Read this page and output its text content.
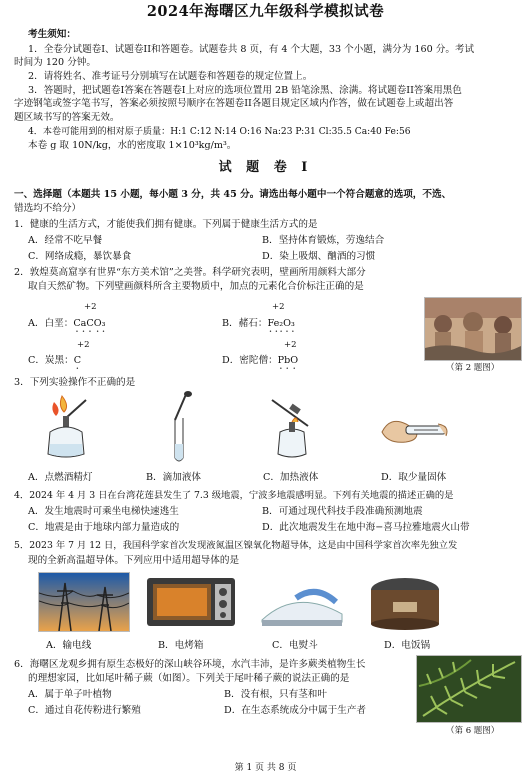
2024年海曙区九年级科学模拟试卷
考生须知：
1．全卷分试题卷I、试题卷II和答题卷。试题卷共 8 页，有 4 个大题，33 个小题，满分为 160 分。考试
时间为 120 分钟。
2．请将姓名、准考证号分别填写在试题卷和答题卷的规定位置上。
3．答题时，把试题卷I答案在答题卷I上对应的选项位置用 2B 铅笔涂黑、涂满。将试题卷II答案用黑色
字迹钢笔或签字笔书写，答案必须按照号顺序在答题卷II各题目规定区域内作答，做在试题卷上或超出答
题区域书写的答案无效。
4．本卷可能用到的相对原子质量：H:1 C:12 N:14 O:16 Na:23 P:31 Cl:35.5 Ca:40 Fe:56
本卷 g 取 10N/kg，水的密度取 1×10³kg/m³。
试 题 卷 I
一、选择题（本题共 15 小题，每小题 3 分，共 45 分。请选出每小题中一个符合题意的选项，不选、
错选均不给分）
1．健康的生活方式，才能使我们拥有健康。下列属于健康生活方式的是
A．经常不吃早餐	B．坚持体育锻炼，劳逸结合
C．网络成瘾，暴饮暴食	D．染上吸烟、酗酒的习惯
2．敦煌莫高窟享有世界“东方美术馆”之美誉。科学研究表明，壁画所用颜料大部分
取自天然矿物。下列壁画颜料所含主要物质中，加点的元素化合价标注正确的是
+2
A．白垩：CaCO₃
+2
B．赭石：Fe₂O₃
+2
C．炭黑：C
+2
D．密陀僧：PbO
（第 2 题图）
3．下列实验操作不正确的是
A．点燃酒精灯	B．滴加液体	C．加热液体	D．取少量固体
4．2024 年 4 月 3 日在台湾花莲县发生了 7.3 级地震，宁波多地震感明显。下列有关地震的描述正确的是
A．发生地震时可乘坐电梯快速逃生	B．可通过现代科技手段准确预测地震
C．地震是由于地球内部力量造成的	D．此次地震发生在地中海−喜马拉雅地震火山带
5．2023 年 7 月 12 日，我国科学家首次发现液氮温区镍氧化物超导体，这是由中国科学家首次率先独立发
现的全新高温超导体。下列应用中适用超导体的是
A．输电线	B．电烤箱	C．电熨斗	D．电饭锅
6．海曙区龙观乡拥有原生态极好的深山峡谷环境，水汽丰沛，是许多蕨类植物生长
的理想家园，比如尾叶稀子蕨（如图）。下列关于尾叶稀子蕨的说法正确的是
A．属于单子叶植物	B．没有根，只有茎和叶
C．通过自花传粉进行繁殖	D．在生态系统成分中属于生产者
（第 6 题图）
第 1 页 共 8 页
